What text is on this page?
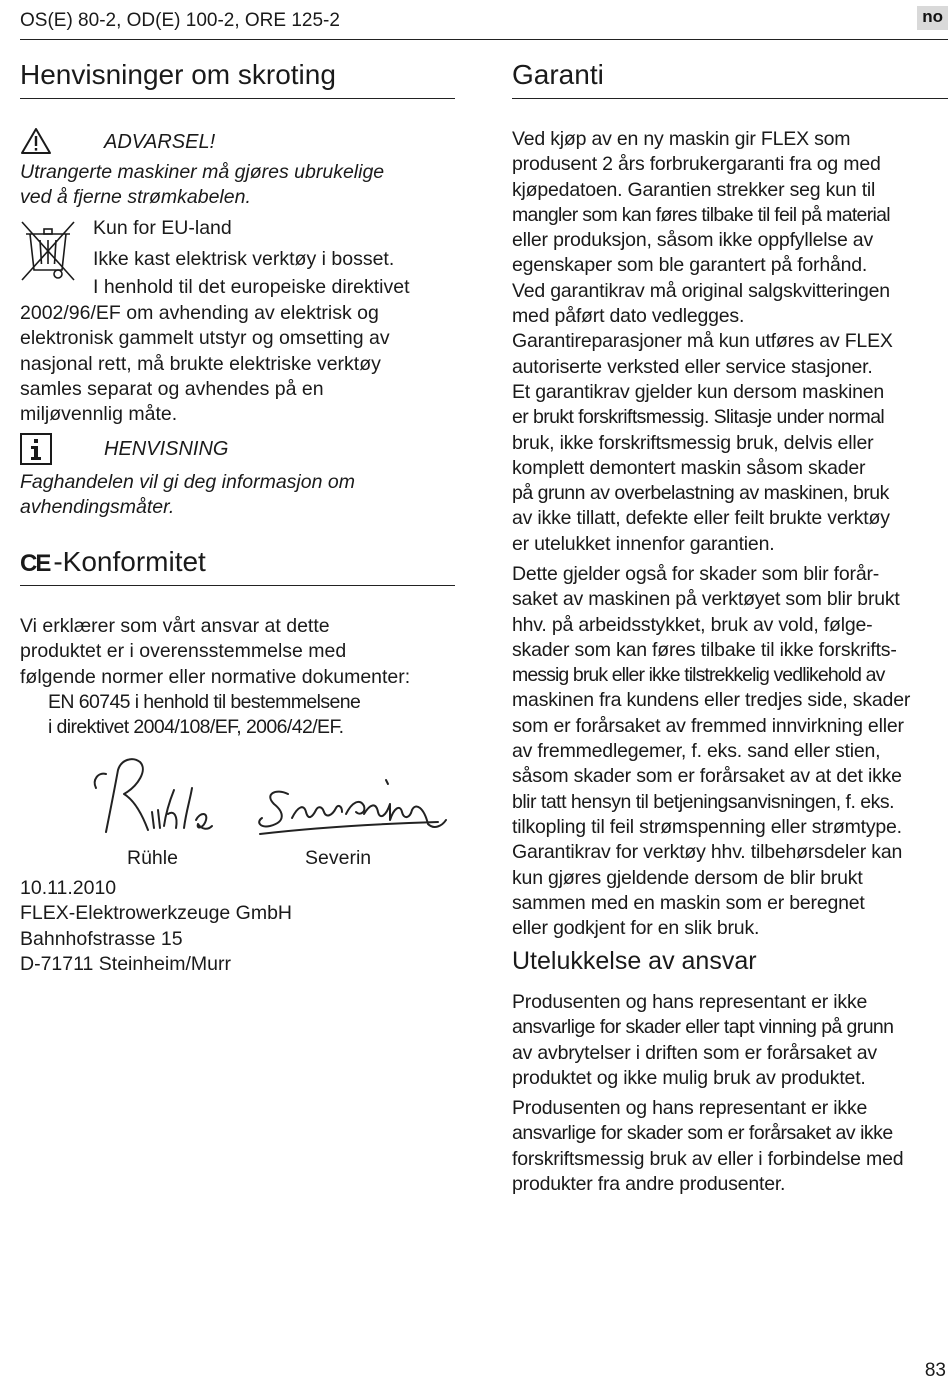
OS(E) 80-2, OD(E) 100-2, ORE 125-2	no
Henvisninger om skroting
ADVARSEL!
Utrangerte maskiner må gjøres ubrukelige
ved å fjerne strømkabelen.
Kun for EU-land
Ikke kast elektrisk verktøy i bosset.
I henhold til det europeiske direktivet
2002/96/EF om avhending av elektrisk og
elektronisk gammelt utstyr og omsetting av
nasjonal rett, må brukte elektriske verktøy
samles separat og avhendes på en
miljøvennlig måte.
HENVISNING
Faghandelen vil gi deg informasjon om
avhendingsmåter.
CE -Konformitet
Vi erklærer som vårt ansvar at dette
produktet er i overensstemmelse med
følgende normer eller normative dokumenter:
EN 60745 i henhold til bestemmelsene
i direktivet 2004/108/EF, 2006/42/EF.
Rühle	Severin
10.11.2010
FLEX-Elektrowerkzeuge GmbH
Bahnhofstrasse 15
D-71711 Steinheim/Murr
Garanti
Ved kjøp av en ny maskin gir FLEX som
produsent 2 års forbrukergaranti fra og med
kjøpedatoen. Garantien strekker seg kun til
mangler som kan føres tilbake til feil på material
eller produksjon, såsom ikke oppfyllelse av
egenskaper som ble garantert på forhånd.
Ved garantikrav må original salgskvitteringen
med påført dato vedlegges.
Garantireparasjoner må kun utføres av FLEX
autoriserte verksted eller service stasjoner.
Et garantikrav gjelder kun dersom maskinen
er brukt forskriftsmessig. Slitasje under normal
bruk, ikke forskriftsmessig bruk, delvis eller
komplett demontert maskin såsom skader
på grunn av overbelastning av maskinen, bruk
av ikke tillatt, defekte eller feilt brukte verktøy
er utelukket innenfor garantien.
Dette gjelder også for skader som blir forår-
saket av maskinen på verktøyet som blir brukt
hhv. på arbeidsstykket, bruk av vold, følge-
skader som kan føres tilbake til ikke forskrifts-
messig bruk eller ikke tilstrekkelig vedlikehold av
maskinen fra kundens eller tredjes side, skader
som er forårsaket av fremmed innvirkning eller
av fremmedlegemer, f. eks. sand eller stien,
såsom skader som er forårsaket av at det ikke
blir tatt hensyn til betjeningsanvisningen, f. eks.
tilkopling til feil strømspenning eller strømtype.
Garantikrav for verktøy hhv. tilbehørsdeler kan
kun gjøres gjeldende dersom de blir brukt
sammen med en maskin som er beregnet
eller godkjent for en slik bruk.
Utelukkelse av ansvar
Produsenten og hans representant er ikke
ansvarlige for skader eller tapt vinning på grunn
av avbrytelser i driften som er forårsaket av
produktet og ikke mulig bruk av produktet.
Produsenten og hans representant er ikke
ansvarlige for skader som er forårsaket av ikke
forskriftsmessig bruk av eller i forbindelse med
produkter fra andre produsenter.
83
